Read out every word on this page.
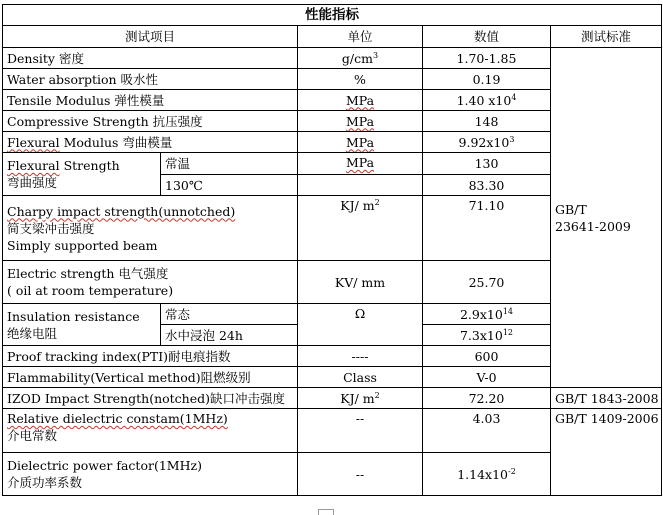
性能指标				
测试项目		单位	数值	测试标准
Density 密度		$g/cm^3$	1.70-1.85	GB/T
23641-2009
Water absorption 吸水性		%	0.19	
Tensile Modulus 弹性模量		MPa	1.40 $x10^4$
Compressive Strength 抗压强度		MPa	148	
Flexural Modulus 弯曲模量		MPa	$9.92x10^3$
Flexural Strength
弯曲强度	常温	MPa	130	
	130℃		83.30	
Charpy impact strength(unnotched)
简支梁冲击强度
Simply supported beam		KJ/ $m^2$	71.10	
Electric strength 电气强度
( oil at room temperature)		KV/ mm	25.70	
Insulation resistance
绝缘电阻	常态	Ω	$2.9x10^{14}$
	水中浸泡 24h		$7.3x10^{12}$
Proof tracking index(PTI)耐电痕指数		----	600	
Flammability(Vertical method)阻燃级别		Class	V-0	
IZOD Impact Strength(notched)缺口冲击强度		KJ/ $m^2$	72.20	GB/T 1843-2008
Relative dielectric constam(1MHz)
介电常数		--	4.03	GB/T 1409-2006
Dielectric power factor(1MHz)
介质功率系数		--	$1.14x10^{-2}$
